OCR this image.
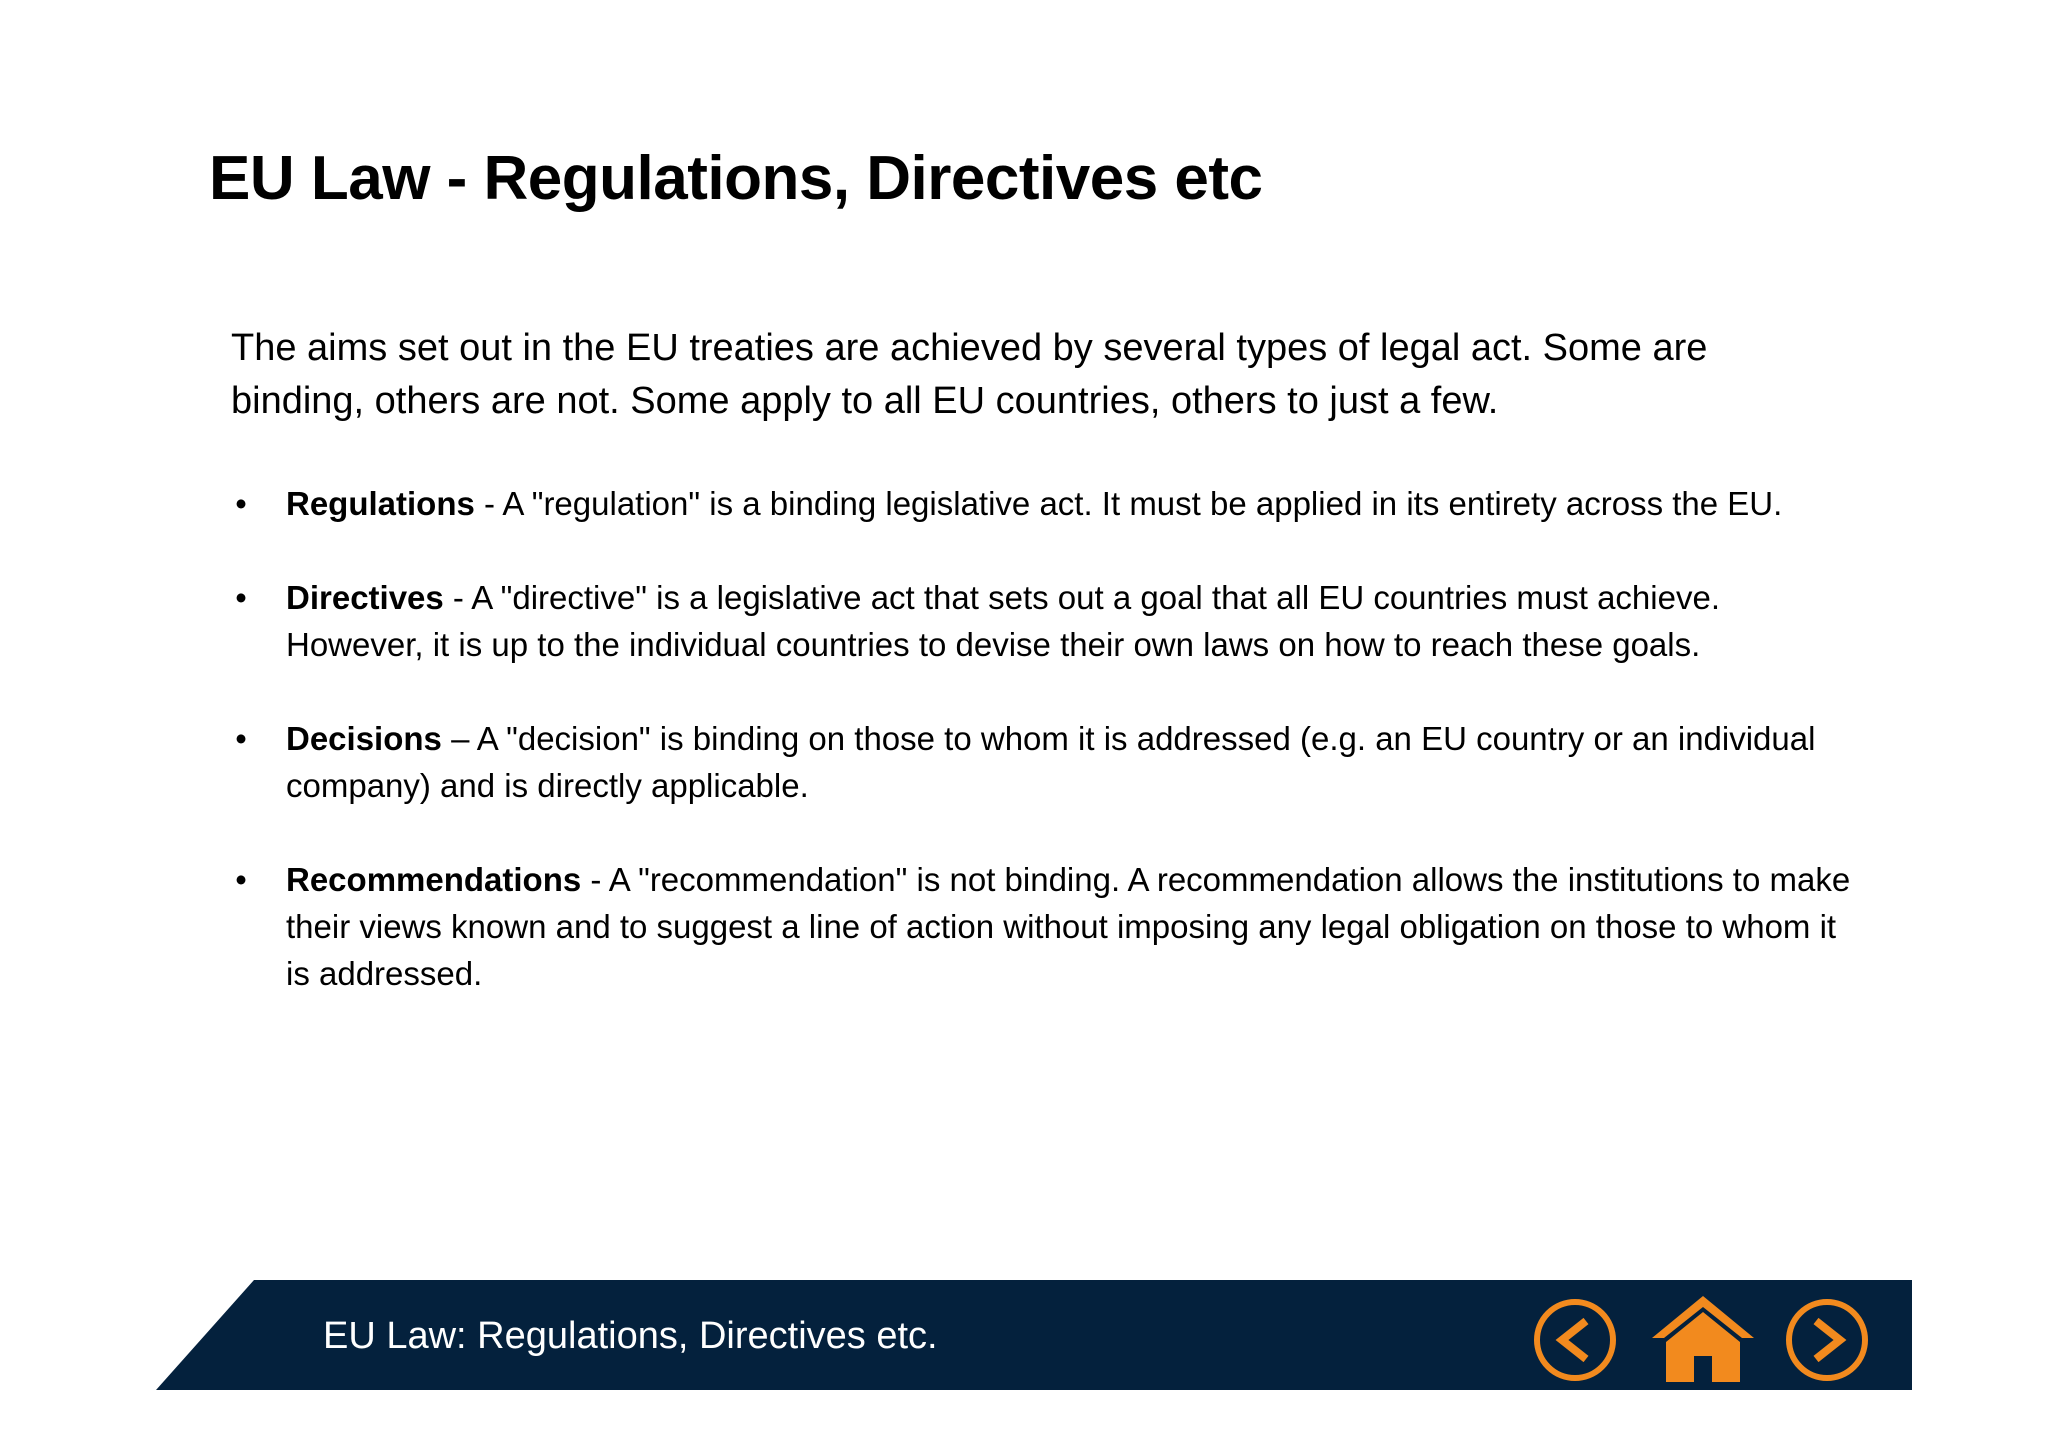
EU Law - Regulations, Directives etc

The aims set out in the EU treaties are achieved by several types of legal act. Some are binding, others are not. Some apply to all EU countries, others to just a few.

• Regulations - A "regulation" is a binding legislative act. It must be applied in its entirety across the EU.
• Directives - A "directive" is a legislative act that sets out a goal that all EU countries must achieve. However, it is up to the individual countries to devise their own laws on how to reach these goals.
• Decisions – A "decision" is binding on those to whom it is addressed (e.g. an EU country or an individual company) and is directly applicable.
• Recommendations - A "recommendation" is not binding. A recommendation allows the institutions to make their views known and to suggest a line of action without imposing any legal obligation on those to whom it is addressed.
EU Law: Regulations, Directives etc.
